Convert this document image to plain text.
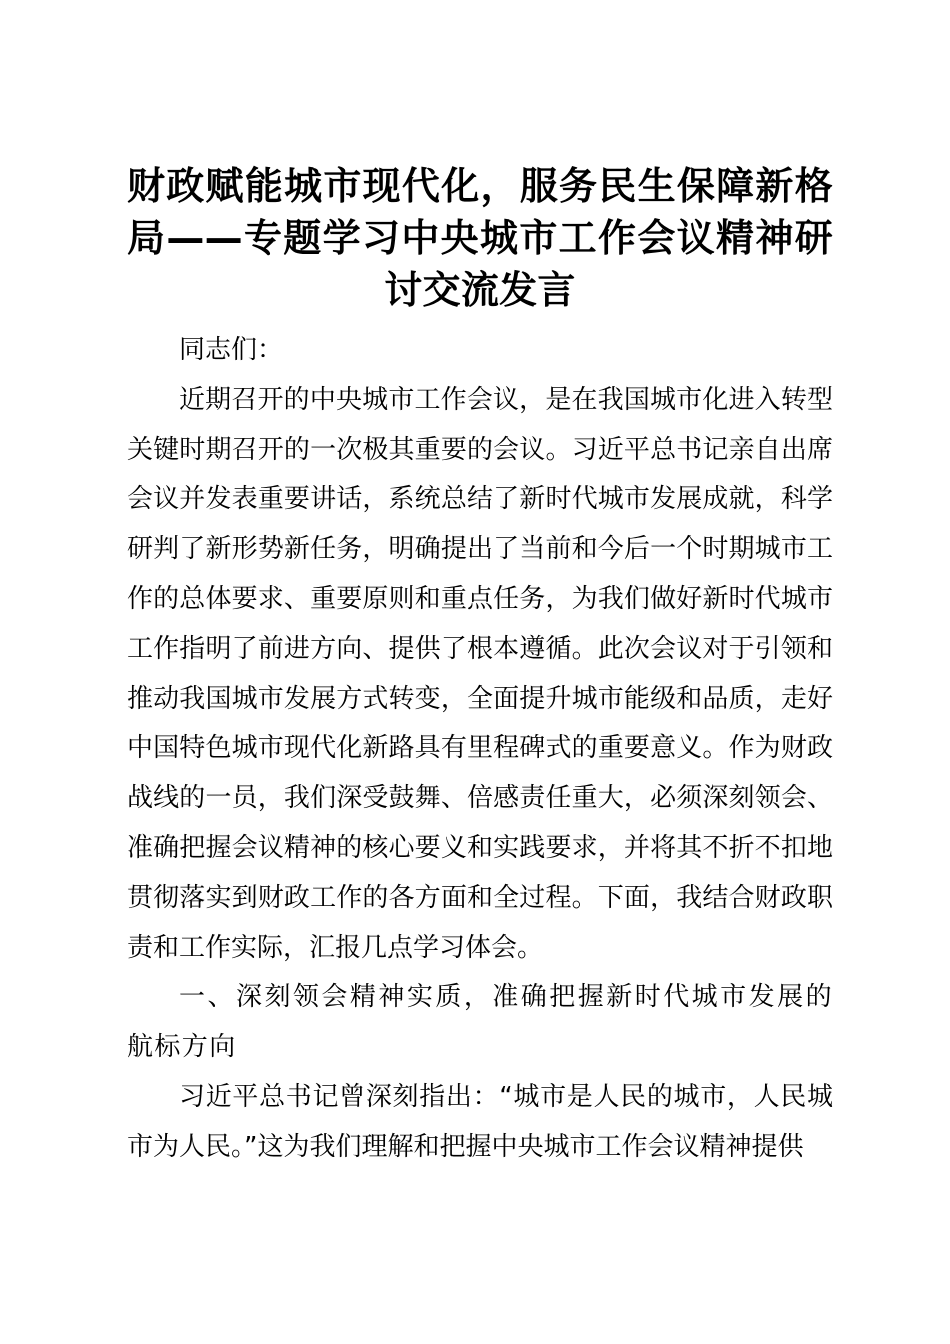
财政赋能城市现代化，服务民生保障新格局——专题学习中央城市工作会议精神研讨交流发言

同志们：

近期召开的中央城市工作会议，是在我国城市化进入转型关键时期召开的一次极其重要的会议。习近平总书记亲自出席会议并发表重要讲话，系统总结了新时代城市发展成就，科学研判了新形势新任务，明确提出了当前和今后一个时期城市工作的总体要求、重要原则和重点任务，为我们做好新时代城市工作指明了前进方向、提供了根本遵循。此次会议对于引领和推动我国城市发展方式转变，全面提升城市能级和品质，走好中国特色城市现代化新路具有里程碑式的重要意义。作为财政战线的一员，我们深受鼓舞、倍感责任重大，必须深刻领会、准确把握会议精神的核心要义和实践要求，并将其不折不扣地贯彻落实到财政工作的各方面和全过程。下面，我结合财政职责和工作实际，汇报几点学习体会。

一、深刻领会精神实质，准确把握新时代城市发展的航标方向

习近平总书记曾深刻指出：“城市是人民的城市，人民城市为人民。”这为我们理解和把握中央城市工作会议精神提供
